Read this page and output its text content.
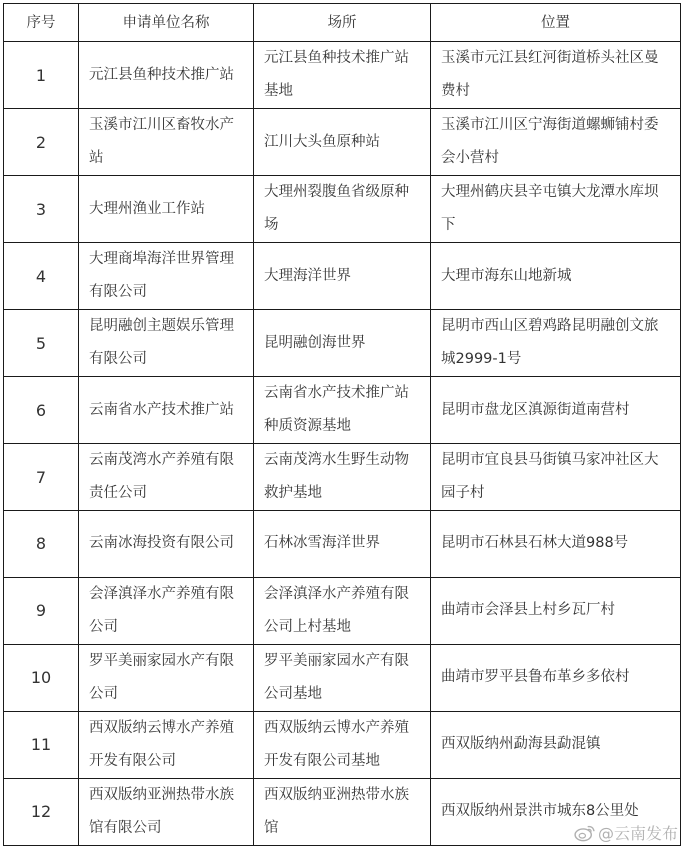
序号	申请单位名称	场所	位置
1	元江县鱼种技术推广站	元江县鱼种技术推广站基地	玉溪市元江县红河街道桥头社区曼费村
2	玉溪市江川区畜牧水产站	江川大头鱼原种站	玉溪市江川区宁海街道螺蛳铺村委会小营村
3	大理州渔业工作站	大理州裂腹鱼省级原种场	大理州鹤庆县辛屯镇大龙潭水库坝下
4	大理商埠海洋世界管理有限公司	大理海洋世界	大理市海东山地新城
5	昆明融创主题娱乐管理有限公司	昆明融创海世界	昆明市西山区碧鸡路昆明融创文旅城2999-1号
6	云南省水产技术推广站	云南省水产技术推广站种质资源基地	昆明市盘龙区滇源街道南营村
7	云南茂湾水产养殖有限责任公司	云南茂湾水生野生动物救护基地	昆明市宜良县马街镇马家冲社区大园子村
8	云南冰海投资有限公司	石林冰雪海洋世界	昆明市石林县石林大道988号
9	会泽滇泽水产养殖有限公司	会泽滇泽水产养殖有限公司上村基地	曲靖市会泽县上村乡瓦厂村
10	罗平美丽家园水产有限公司	罗平美丽家园水产有限公司基地	曲靖市罗平县鲁布革乡多依村
11	西双版纳云博水产养殖开发有限公司	西双版纳云博水产养殖开发有限公司基地	西双版纳州勐海县勐混镇
12	西双版纳亚洲热带水族馆有限公司	西双版纳亚洲热带水族馆	西双版纳州景洪市城东8公里处
@云南发布
